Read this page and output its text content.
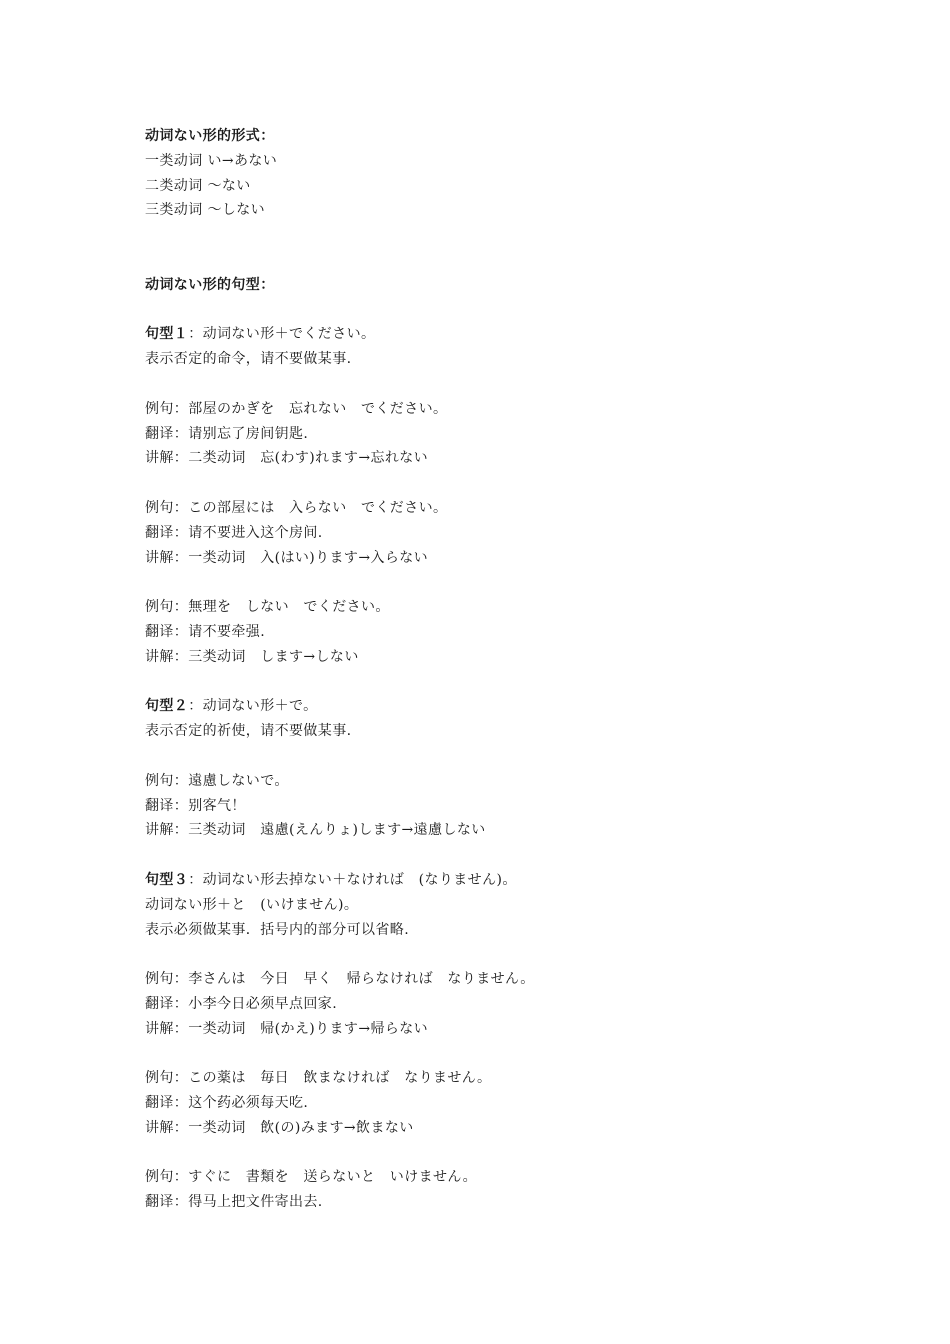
动词ない形的形式：
一类动词 い→あない
二类动词 ～ない
三类动词 ～しない
动词ない形的句型：
句型１：动词ない形＋でください。
表示否定的命令，请不要做某事.
例句：部屋のかぎを　忘れない　でください。
翻译：请别忘了房间钥匙.
讲解：二类动词　忘(わす)れます→忘れない
例句：この部屋には　入らない　でください。
翻译：请不要进入这个房间.
讲解：一类动词　入(はい)ります→入らない
例句：無理を　しない　でください。
翻译：请不要牵强.
讲解：三类动词　します→しない
句型２：动词ない形＋で。
表示否定的祈使，请不要做某事.
例句：遠慮しないで。
翻译：别客气！
讲解：三类动词　遠慮(えんりょ)します→遠慮しない
句型３：动词ない形去掉ない＋なければ　(なりません)。
动词ない形＋と　(いけません)。
表示必须做某事．括号内的部分可以省略.
例句：李さんは　今日　早く　帰らなければ　なりません。
翻译：小李今日必须早点回家.
讲解：一类动词　帰(かえ)ります→帰らない
例句：この薬は　毎日　飲まなければ　なりません。
翻译：这个药必须每天吃.
讲解：一类动词　飲(の)みます→飲まない
例句：すぐに　書類を　送らないと　いけません。
翻译：得马上把文件寄出去.
